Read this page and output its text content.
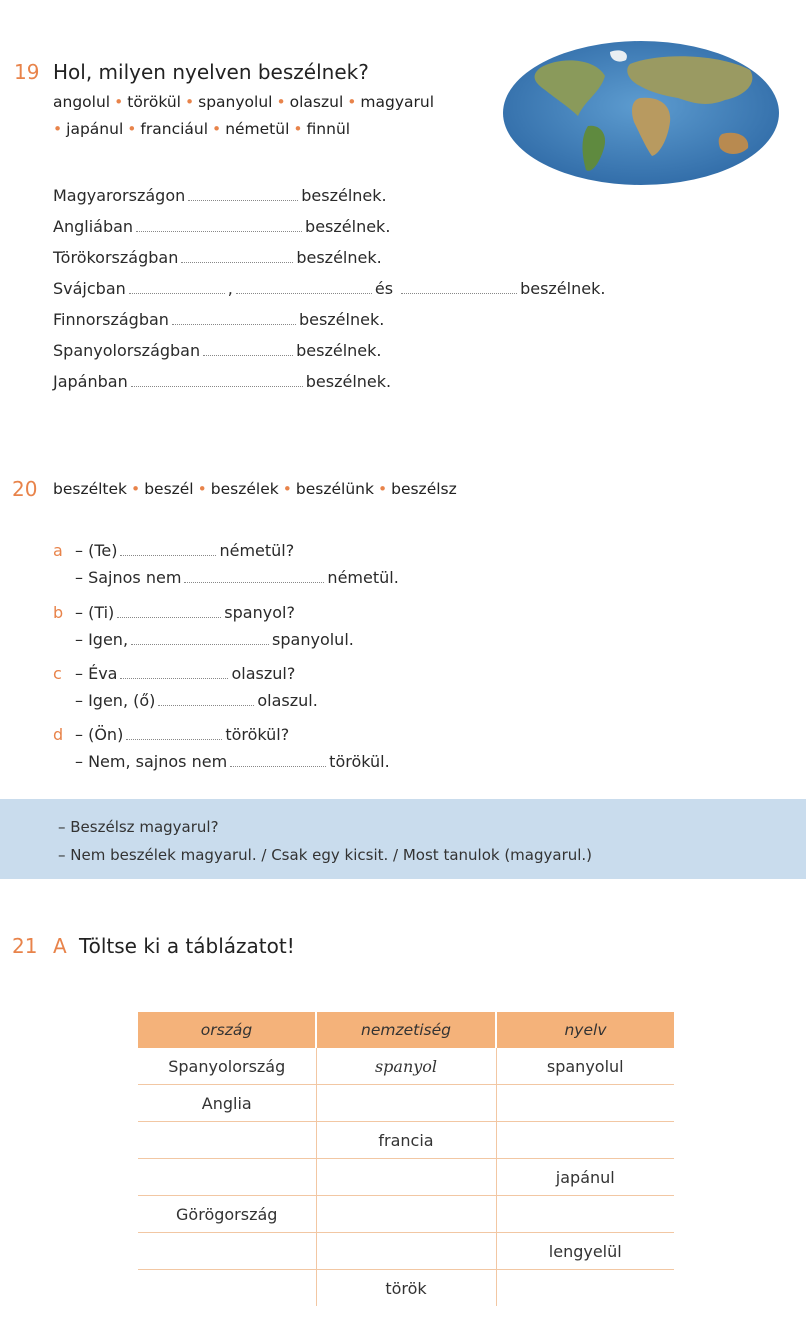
19 Hol, milyen nyelven beszélnek?
angolul • törökül • spanyolul • olaszul • magyarul
• japánul • franciául • németül • finnül
Magyarországon	beszélnek.
Angliában	beszélnek.
Törökországban	beszélnek.
Svájcban	,	és	beszélnek.
Finnországban	beszélnek.
Spanyolországban	beszélnek.
Japánban	beszélnek.
20 beszéltek • beszél • beszélek • beszélünk • beszélsz
a – (Te)	németül?
– Sajnos nem	németül.
b – (Ti)	spanyol?
– Igen,	spanyolul.
c – Éva	olaszul?
– Igen, (ő)	olaszul.
d – (Ön)	törökül?
– Nem, sajnos nem	törökül.
– Beszélsz magyarul?
– Nem beszélek magyarul. / Csak egy kicsit. / Most tanulok (magyarul.)
21 A Töltse ki a táblázatot!
ország	nemzetiség	nyelv
Spanyolország	spanyol	spanyolul
Anglia		
	francia	
		japánul
Görögország		
		lengyelül
	török	
